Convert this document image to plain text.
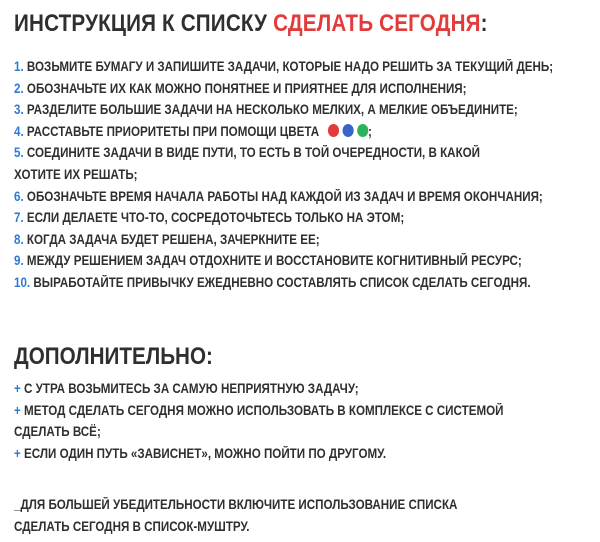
ИНСТРУКЦИЯ К СПИСКУ СДЕЛАТЬ СЕГОДНЯ:
1. ВОЗЬМИТЕ БУМАГУ И ЗАПИШИТЕ ЗАДАЧИ, КОТОРЫЕ НАДО РЕШИТЬ ЗА ТЕКУЩИЙ ДЕНЬ;
2. ОБОЗНАЧЬТЕ ИХ КАК МОЖНО ПОНЯТНЕЕ И ПРИЯТНЕЕ ДЛЯ ИСПОЛНЕНИЯ;
3. РАЗДЕЛИТЕ БОЛЬШИЕ ЗАДАЧИ НА НЕСКОЛЬКО МЕЛКИХ, А МЕЛКИЕ ОБЪЕДИНИТЕ;
4. РАССТАВЬТЕ ПРИОРИТЕТЫ ПРИ ПОМОЩИ ЦВЕТА	;
5. СОЕДИНИТЕ ЗАДАЧИ В ВИДЕ ПУТИ, ТО ЕСТЬ В ТОЙ ОЧЕРЕДНОСТИ, В КАКОЙ
ХОТИТЕ ИХ РЕШАТЬ;
6. ОБОЗНАЧЬТЕ ВРЕМЯ НАЧАЛА РАБОТЫ НАД КАЖДОЙ ИЗ ЗАДАЧ И ВРЕМЯ ОКОНЧАНИЯ;
7. ЕСЛИ ДЕЛАЕТЕ ЧТО-ТО, СОСРЕДОТОЧЬТЕСЬ ТОЛЬКО НА ЭТОМ;
8. КОГДА ЗАДАЧА БУДЕТ РЕШЕНА, ЗАЧЕРКНИТЕ ЕЕ;
9. МЕЖДУ РЕШЕНИЕМ ЗАДАЧ ОТДОХНИТЕ И ВОССТАНОВИТЕ КОГНИТИВНЫЙ РЕСУРС;
10. ВЫРАБОТАЙТЕ ПРИВЫЧКУ ЕЖЕДНЕВНО СОСТАВЛЯТЬ СПИСОК СДЕЛАТЬ СЕГОДНЯ.
ДОПОЛНИТЕЛЬНО:
+ С УТРА ВОЗЬМИТЕСЬ ЗА САМУЮ НЕПРИЯТНУЮ ЗАДАЧУ;
+ МЕТОД СДЕЛАТЬ СЕГОДНЯ МОЖНО ИСПОЛЬЗОВАТЬ В КОМПЛЕКСЕ С СИСТЕМОЙ
СДЕЛАТЬ ВСЁ;
+ ЕСЛИ ОДИН ПУТЬ «ЗАВИСНЕТ», МОЖНО ПОЙТИ ПО ДРУГОМУ.
_ДЛЯ БОЛЬШЕЙ УБЕДИТЕЛЬНОСТИ ВКЛЮЧИТЕ ИСПОЛЬЗОВАНИЕ СПИСКА
СДЕЛАТЬ СЕГОДНЯ В СПИСОК-МУШТРУ.
